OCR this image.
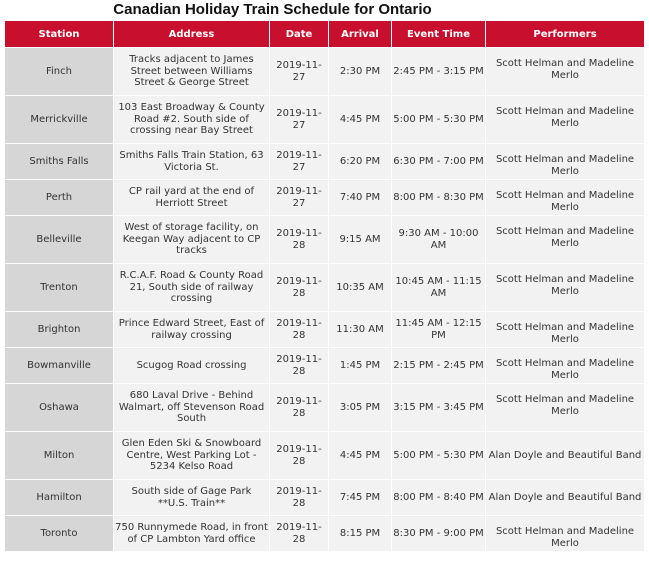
Canadian Holiday Train Schedule for Ontario
Station	Address	Date	Arrival	Event Time	Performers
Finch	Tracks adjacent to James Street between Williams Street & George Street	2019-11-27	2:30 PM	2:45 PM - 3:15 PM	Scott Helman and Madeline Merlo
Merrickville	103 East Broadway & County Road #2. South side of crossing near Bay Street	2019-11-27	4:45 PM	5:00 PM - 5:30 PM	Scott Helman and Madeline Merlo
Smiths Falls	Smiths Falls Train Station, 63 Victoria St.	2019-11-27	6:20 PM	6:30 PM - 7:00 PM	Scott Helman and Madeline Merlo
Perth	CP rail yard at the end of Herriott Street	2019-11-27	7:40 PM	8:00 PM - 8:30 PM	Scott Helman and Madeline Merlo
Belleville	West of storage facility, on Keegan Way adjacent to CP tracks	2019-11-28	9:15 AM	9:30 AM - 10:00 AM	Scott Helman and Madeline Merlo
Trenton	R.C.A.F. Road & County Road 21, South side of railway crossing	2019-11-28	10:35 AM	10:45 AM - 11:15 AM	Scott Helman and Madeline Merlo
Brighton	Prince Edward Street, East of railway crossing	2019-11-28	11:30 AM	11:45 AM - 12:15 PM	Scott Helman and Madeline Merlo
Bowmanville	Scugog Road crossing	2019-11-28	1:45 PM	2:15 PM - 2:45 PM	Scott Helman and Madeline Merlo
Oshawa	680 Laval Drive - Behind Walmart, off Stevenson Road South	2019-11-28	3:05 PM	3:15 PM - 3:45 PM	Scott Helman and Madeline Merlo
Milton	Glen Eden Ski & Snowboard Centre, West Parking Lot - 5234 Kelso Road	2019-11-28	4:45 PM	5:00 PM - 5:30 PM	Alan Doyle and Beautiful Band
Hamilton	South side of Gage Park **U.S. Train**	2019-11-28	7:45 PM	8:00 PM - 8:40 PM	Alan Doyle and Beautiful Band
Toronto	750 Runnymede Road, in front of CP Lambton Yard office	2019-11-28	8:15 PM	8:30 PM - 9:00 PM	Scott Helman and Madeline Merlo
